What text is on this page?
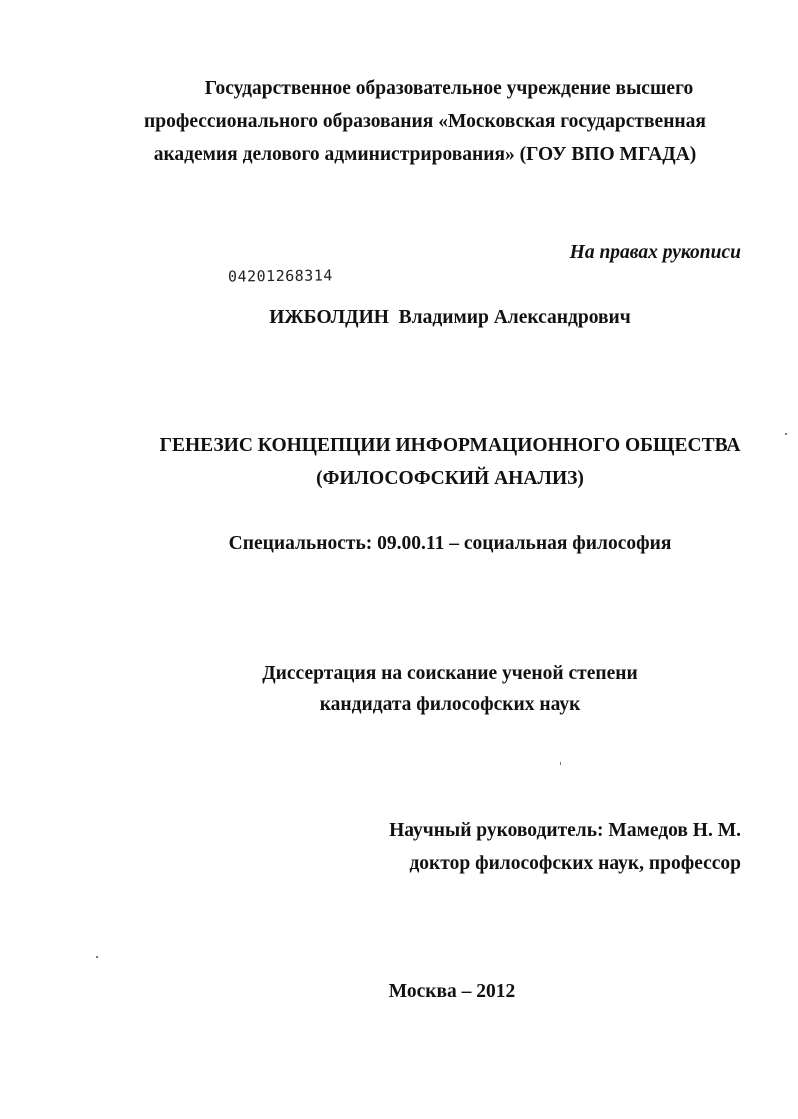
Государственное образовательное учреждение высшего
профессионального образования «Московская государственная
академия делового администрирования» (ГОУ ВПО МГАДА)
На правах рукописи
04201268314
ИЖБОЛДИН Владимир Александрович
ГЕНЕЗИС КОНЦЕПЦИИ ИНФОРМАЦИОННОГО ОБЩЕСТВА
(ФИЛОСОФСКИЙ АНАЛИЗ)
Специальность: 09.00.11 – социальная философия
Диссертация на соискание ученой степени
кандидата философских наук
Научный руководитель: Мамедов Н. М.
доктор философских наук, профессор
Москва – 2012
